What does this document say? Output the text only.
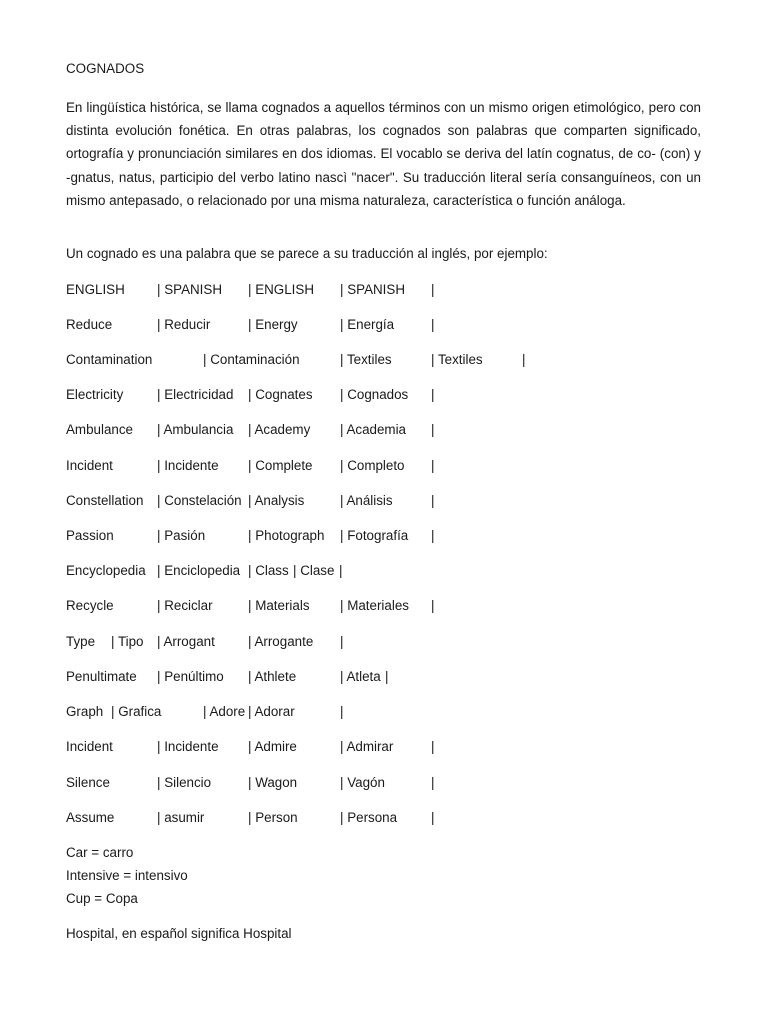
COGNADOS

En lingüística histórica, se llama cognados a aquellos términos con un mismo origen etimológico, pero con distinta evolución fonética. En otras palabras, los cognados son palabras que comparten significado, ortografía y pronunciación similares en dos idiomas. El vocablo se deriva del latín cognatus, de co- (con) y -gnatus, natus, participio del verbo latino nascì "nacer". Su traducción literal sería consanguíneos, con un mismo antepasado, o relacionado por una misma naturaleza, característica o función análoga.

Un cognado es una palabra que se parece a su traducción al inglés, por ejemplo:
ENGLISH | SPANISH | ENGLISH | SPANISH |
Reduce	| Reducir	| Energy	| Energía	|
Contamination	| Contaminación	| Textiles	| Textiles	|
Electricity	| Electricidad | Cognates | Cognados |
Ambulance | Ambulancia | Academy | Academia |
Incident	| Incidente | Complete | Completo |
Constellation | Constelación | Analysis	| Análisis	|
Passion	| Pasión	| Photograph | Fotografía |
Encyclopedia | Enciclopedia | Class | Clase |
Recycle	| Reciclar	| Materials | Materiales |
Type | Tipo | Arrogant | Arrogante |
Penultimate | Penúltimo | Athlete	| Atleta |
Graph | Grafica	| Adore | Adorar	|
Incident	| Incidente | Admire	| Admirar	|
Silence	| Silencio	| Wagon	| Vagón	|
Assume	| asumir	| Person	| Persona	|
Car = carro
Intensive = intensivo
Cup = Copa
Hospital, en español significa Hospital
